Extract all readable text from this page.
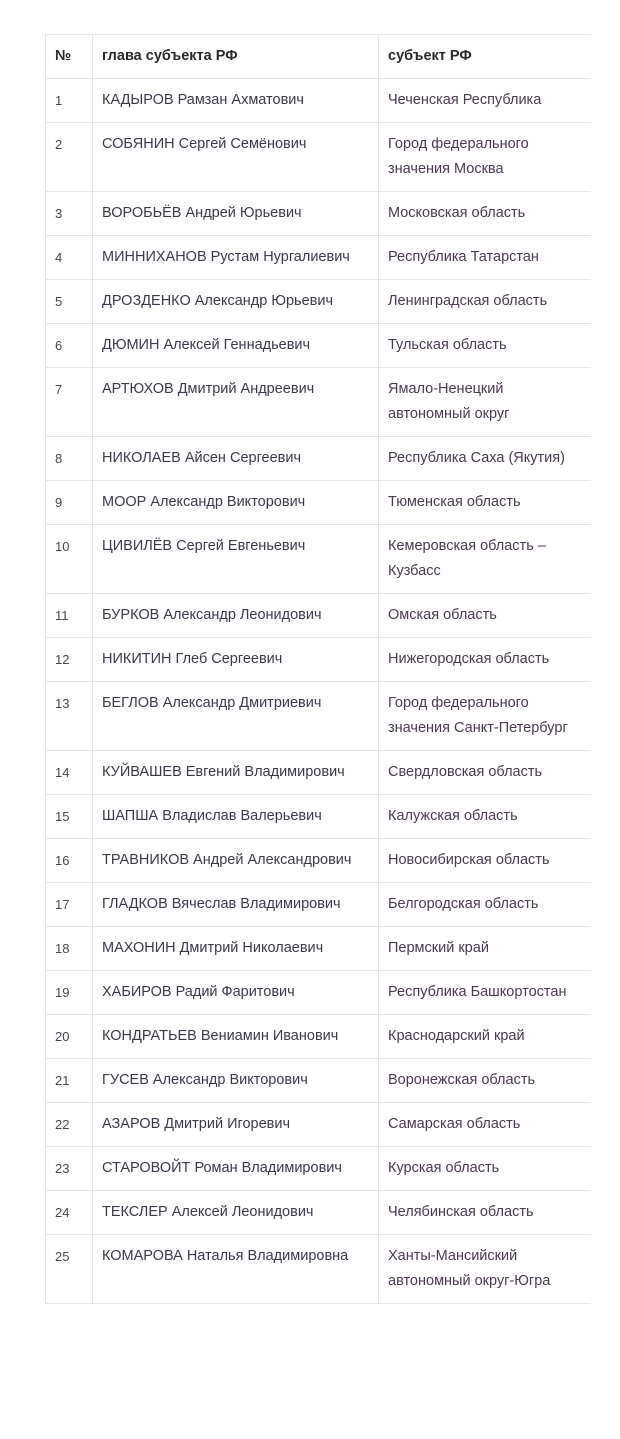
№	глава субъекта РФ	субъект РФ
1	КАДЫРОВ Рамзан Ахматович	Чеченская Республика
2	СОБЯНИН Сергей Семёнович	Город федерального значения Москва
3	ВОРОБЬЁВ Андрей Юрьевич	Московская область
4	МИННИХАНОВ Рустам Нургалиевич	Республика Татарстан
5	ДРОЗДЕНКО Александр Юрьевич	Ленинградская область
6	ДЮМИН Алексей Геннадьевич	Тульская область
7	АРТЮХОВ Дмитрий Андреевич	Ямало-Ненецкий автономный округ
8	НИКОЛАЕВ Айсен Сергеевич	Республика Саха (Якутия)
9	МООР Александр Викторович	Тюменская область
10	ЦИВИЛЁВ Сергей Евгеньевич	Кемеровская область – Кузбасс
11	БУРКОВ Александр Леонидович	Омская область
12	НИКИТИН Глеб Сергеевич	Нижегородская область
13	БЕГЛОВ Александр Дмитриевич	Город федерального значения Санкт-Петербург
14	КУЙВАШЕВ Евгений Владимирович	Свердловская область
15	ШАПША Владислав Валерьевич	Калужская область
16	ТРАВНИКОВ Андрей Александрович	Новосибирская область
17	ГЛАДКОВ Вячеслав Владимирович	Белгородская область
18	МАХОНИН Дмитрий Николаевич	Пермский край
19	ХАБИРОВ Радий Фаритович	Республика Башкортостан
20	КОНДРАТЬЕВ Вениамин Иванович	Краснодарский край
21	ГУСЕВ Александр Викторович	Воронежская область
22	АЗАРОВ Дмитрий Игоревич	Самарская область
23	СТАРОВОЙТ Роман Владимирович	Курская область
24	ТЕКСЛЕР Алексей Леонидович	Челябинская область
25	КОМАРОВА Наталья Владимировна	Ханты-Мансийский автономный округ-Югра
